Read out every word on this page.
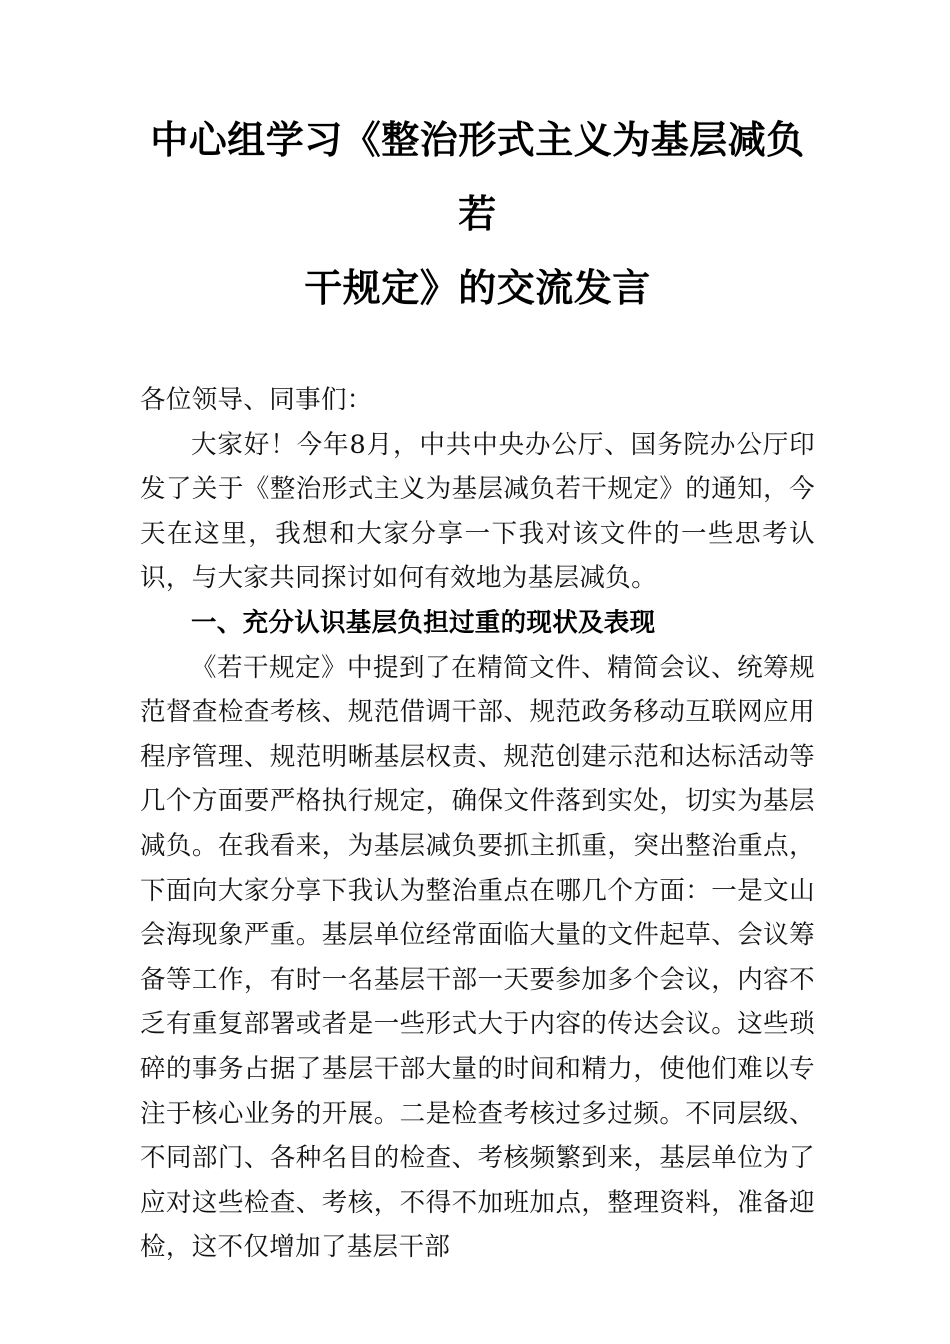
中心组学习《整治形式主义为基层减负若
干规定》的交流发言

各位领导、同事们：

大家好！今年8月，中共中央办公厅、国务院办公厅印发了关于《整治形式主义为基层减负若干规定》的通知，今天在这里，我想和大家分享一下我对该文件的一些思考认识，与大家共同探讨如何有效地为基层减负。

一、充分认识基层负担过重的现状及表现

《若干规定》中提到了在精简文件、精简会议、统筹规范督查检查考核、规范借调干部、规范政务移动互联网应用程序管理、规范明晰基层权责、规范创建示范和达标活动等几个方面要严格执行规定，确保文件落到实处，切实为基层减负。在我看来，为基层减负要抓主抓重，突出整治重点，下面向大家分享下我认为整治重点在哪几个方面：一是文山会海现象严重。基层单位经常面临大量的文件起草、会议筹备等工作，有时一名基层干部一天要参加多个会议，内容不乏有重复部署或者是一些形式大于内容的传达会议。这些琐碎的事务占据了基层干部大量的时间和精力，使他们难以专注于核心业务的开展。二是检查考核过多过频。不同层级、不同部门、各种名目的检查、考核频繁到来，基层单位为了应对这些检查、考核，不得不加班加点，整理资料，准备迎检，这不仅增加了基层干部
